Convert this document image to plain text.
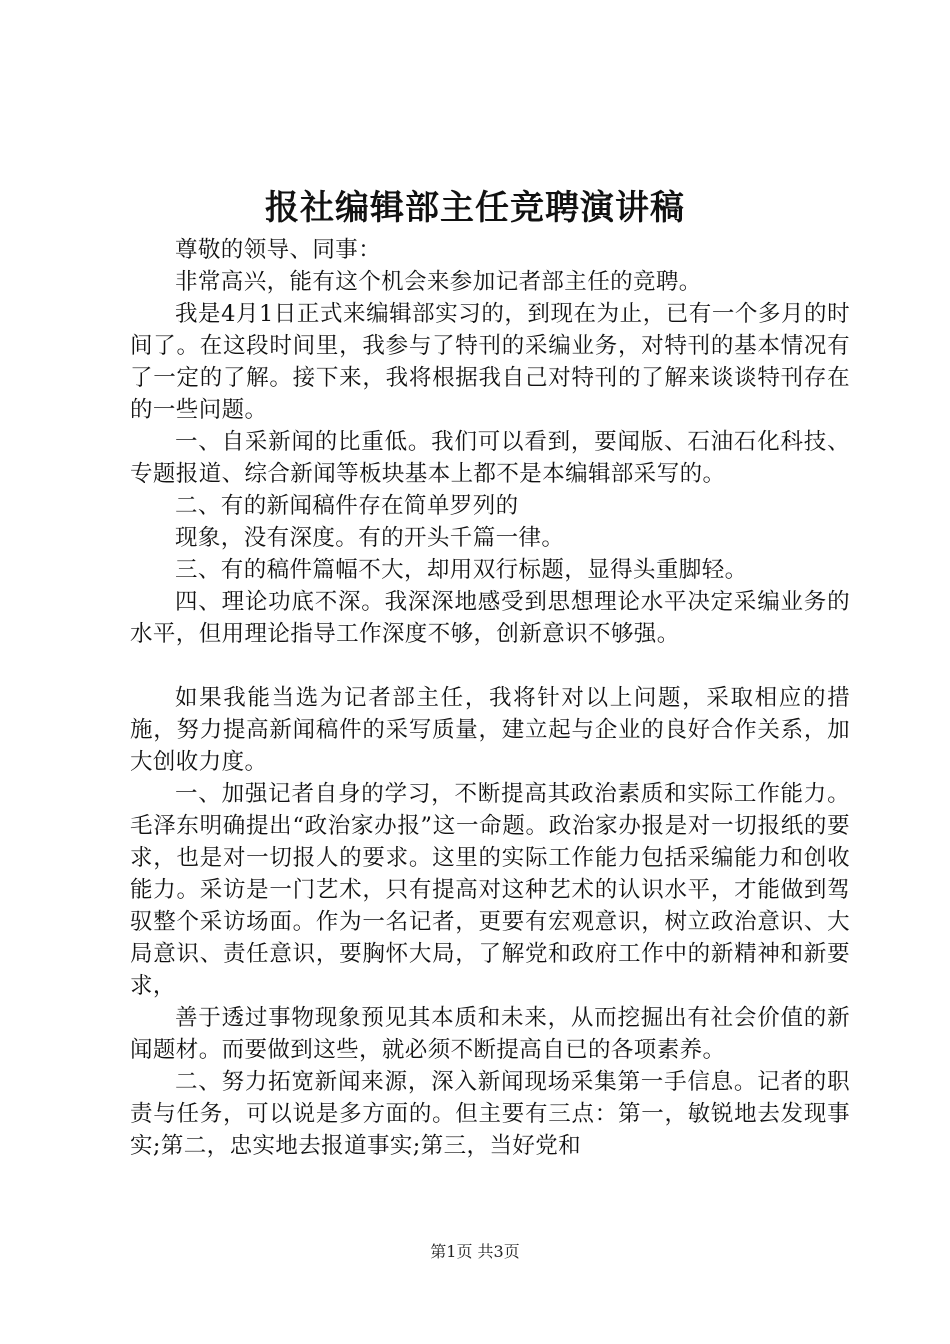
报社编辑部主任竞聘演讲稿

尊敬的领导、同事：

非常高兴，能有这个机会来参加记者部主任的竞聘。

我是4月1日正式来编辑部实习的，到现在为止，已有一个多月的时间了。在这段时间里，我参与了特刊的采编业务，对特刊的基本情况有了一定的了解。接下来，我将根据我自己对特刊的了解来谈谈特刊存在的一些问题。

一、自采新闻的比重低。我们可以看到，要闻版、石油石化科技、专题报道、综合新闻等板块基本上都不是本编辑部采写的。

二、有的新闻稿件存在简单罗列的

现象，没有深度。有的开头千篇一律。

三、有的稿件篇幅不大，却用双行标题，显得头重脚轻。

四、理论功底不深。我深深地感受到思想理论水平决定采编业务的水平，但用理论指导工作深度不够，创新意识不够强。

如果我能当选为记者部主任，我将针对以上问题，采取相应的措施，努力提高新闻稿件的采写质量，建立起与企业的良好合作关系，加大创收力度。

一、加强记者自身的学习，不断提高其政治素质和实际工作能力。毛泽东明确提出“政治家办报”这一命题。政治家办报是对一切报纸的要求，也是对一切报人的要求。这里的实际工作能力包括采编能力和创收能力。采访是一门艺术，只有提高对这种艺术的认识水平，才能做到驾驭整个采访场面。作为一名记者，更要有宏观意识，树立政治意识、大局意识、责任意识，要胸怀大局，了解党和政府工作中的新精神和新要求，

善于透过事物现象预见其本质和未来，从而挖掘出有社会价值的新闻题材。而要做到这些，就必须不断提高自已的各项素养。

二、努力拓宽新闻来源，深入新闻现场采集第一手信息。记者的职责与任务，可以说是多方面的。但主要有三点：第一，敏锐地去发现事实;第二，忠实地去报道事实;第三，当好党和

第1页 共3页
